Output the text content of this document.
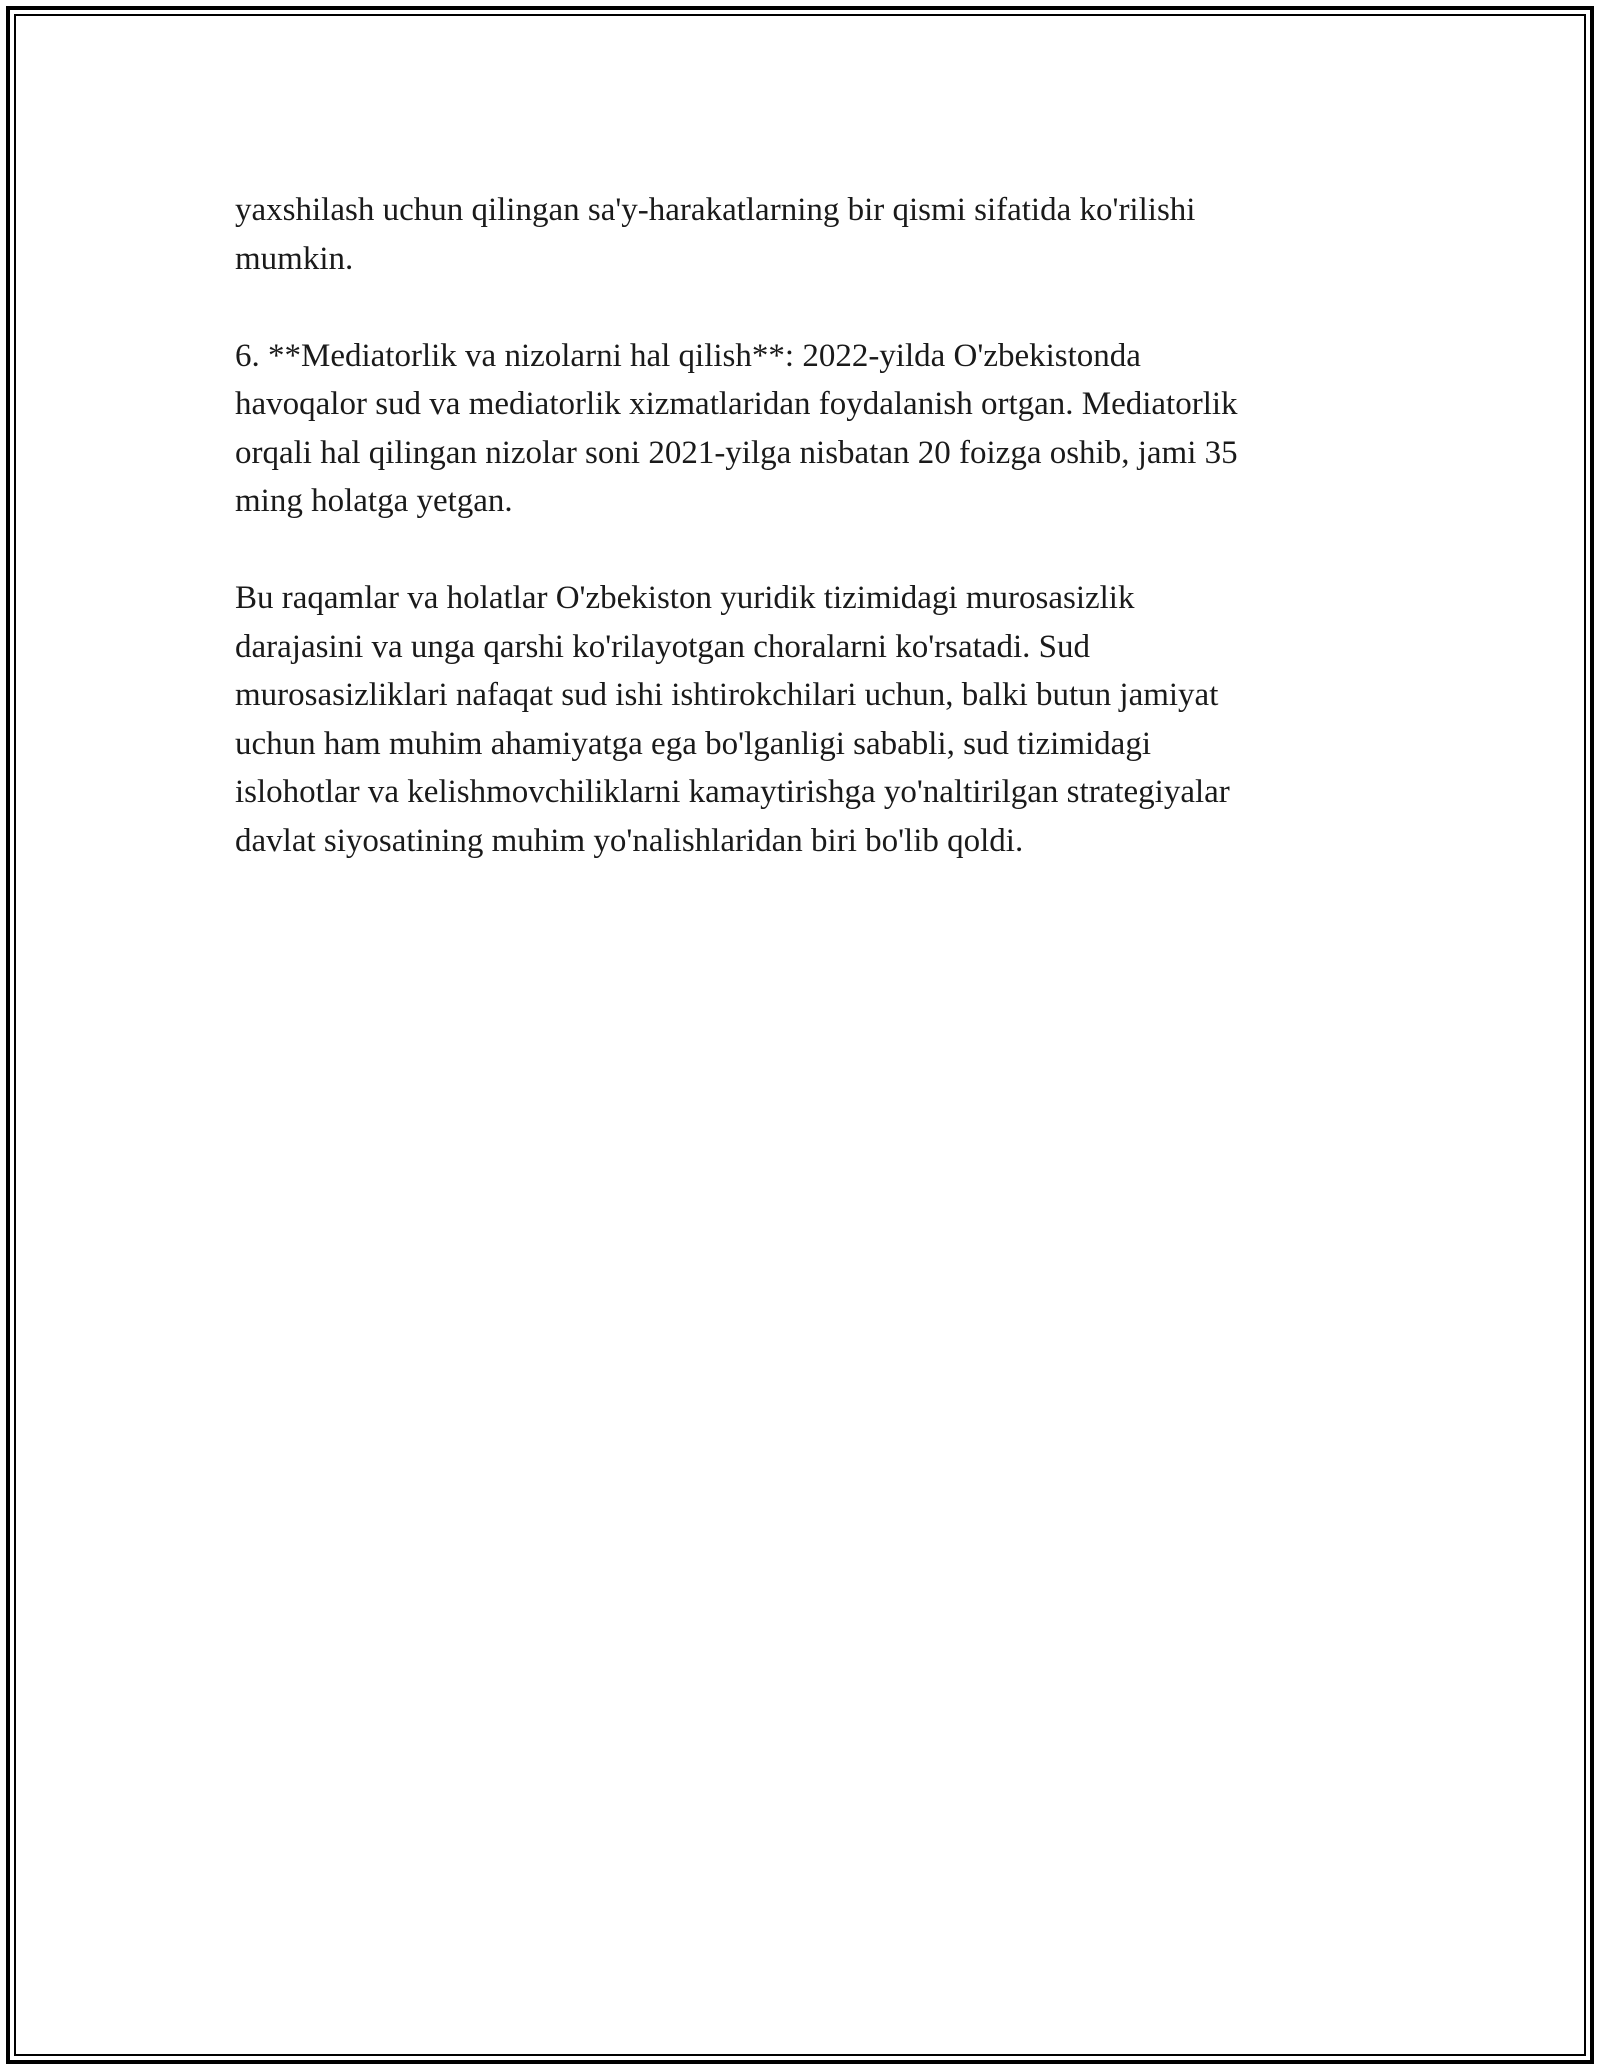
yaxshilash uchun qilingan sa'y-harakatlarning bir qismi sifatida ko'rilishi
mumkin.
6. **Mediatorlik va nizolarni hal qilish**: 2022-yilda O'zbekistonda
havoqalor sud va mediatorlik xizmatlaridan foydalanish ortgan. Mediatorlik
orqali hal qilingan nizolar soni 2021-yilga nisbatan 20 foizga oshib, jami 35
ming holatga yetgan.
Bu raqamlar va holatlar O'zbekiston yuridik tizimidagi murosasizlik
darajasini va unga qarshi ko'rilayotgan choralarni ko'rsatadi. Sud
murosasizliklari nafaqat sud ishi ishtirokchilari uchun, balki butun jamiyat
uchun ham muhim ahamiyatga ega bo'lganligi sababli, sud tizimidagi
islohotlar va kelishmovchiliklarni kamaytirishga yo'naltirilgan strategiyalar
davlat siyosatining muhim yo'nalishlaridan biri bo'lib qoldi.
